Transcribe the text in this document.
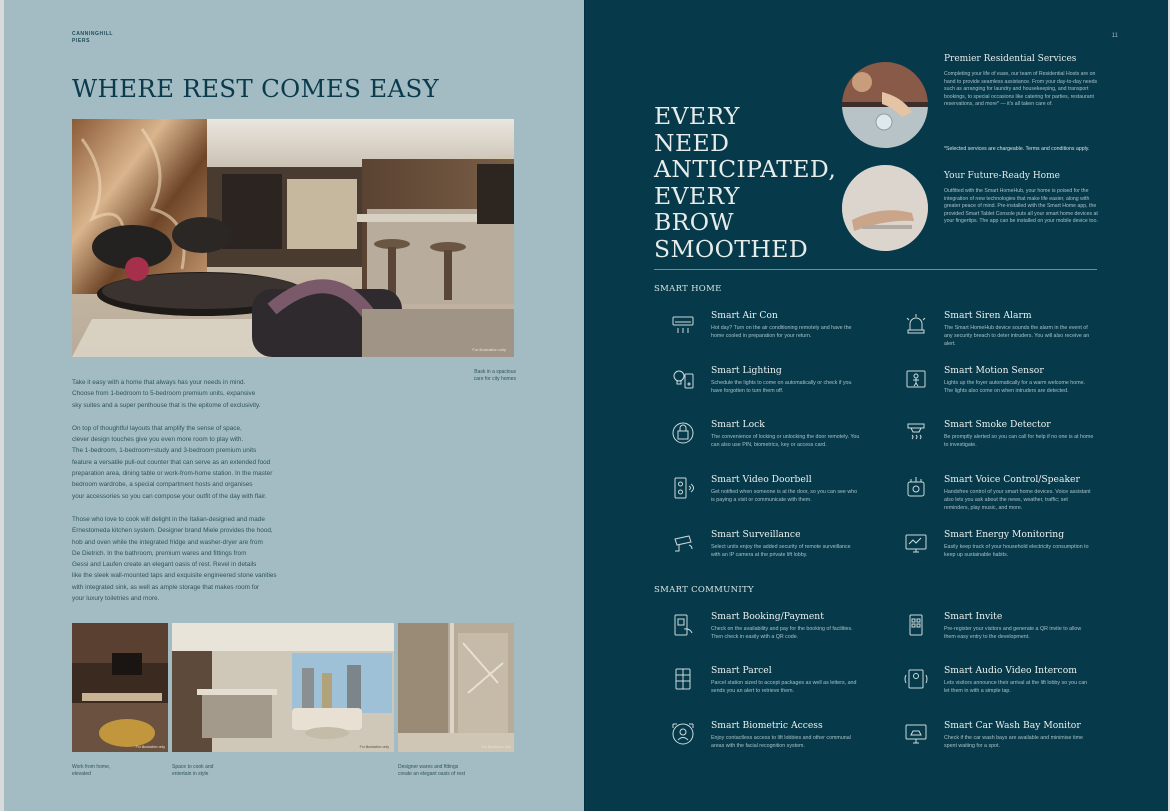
CANNINGHILL
PIERS
WHERE REST COMES EASY
For illustration only
Bask in a spacious
care for city homes
Take it easy with a home that always has your needs in mind.
Choose from 1-bedroom to 5-bedroom premium units, expansive
sky suites and a super penthouse that is the epitome of exclusivity.
On top of thoughtful layouts that amplify the sense of space,
clever design touches give you even more room to play with.
The 1-bedroom, 1-bedroom+study and 3-bedroom premium units
feature a versatile pull-out counter that can serve as an extended food
preparation area, dining table or work-from-home station. In the master
bedroom wardrobe, a special compartment hosts and organises
your accessories so you can compose your outfit of the day with flair.
Those who love to cook will delight in the Italian-designed and made
Ernestomeda kitchen system. Designer brand Miele provides the hood,
hob and oven while the integrated fridge and washer-dryer are from
De Dietrich. In the bathroom, premium wares and fittings from
Gessi and Laufen create an elegant oasis of rest. Revel in details
like the sleek wall-mounted taps and exquisite engineered stone vanities
with integrated sink, as well as ample storage that makes room for
your luxury toiletries and more.
For illustration only	For illustration only	For illustration only
Work from home,
elevated
Space to cook and
entertain in style
Designer wares and fittings
create an elegant oasis of rest
11
EVERY
NEED
ANTICIPATED,
EVERY
BROW
SMOOTHED
Premier Residential Services
Completing your life of ease, our team of Residential Hosts are on hand to provide seamless assistance. From your day-to-day needs such as arranging for laundry and housekeeping, and transport bookings, to special occasions like catering for parties, restaurant reservations, and more* — it's all taken care of.
*Selected services are chargeable. Terms and conditions apply.
Your Future-Ready Home
Outfitted with the Smart HomeHub, your home is poised for the integration of new technologies that make life easier, along with greater peace of mind. Pre-installed with the Smart Home app, the provided Smart Tablet Console puts all your smart home devices at your fingertips. The app can be installed on your mobile device too.
SMART HOME
Smart Air Con
Hot day? Turn on the air conditioning remotely and have the home cooled in preparation for your return.
Smart Siren Alarm
The Smart HomeHub device sounds the alarm in the event of any security breach to deter intruders. You will also receive an alert.
Smart Lighting
Schedule the lights to come on automatically or check if you have forgotten to turn them off.
Smart Motion Sensor
Lights up the foyer automatically for a warm welcome home. The lights also come on when intruders are detected.
Smart Lock
The convenience of locking or unlocking the door remotely. You can also use PIN, biometrics, key or access card.
Smart Smoke Detector
Be promptly alerted so you can call for help if no one is at home to investigate.
Smart Video Doorbell
Get notified when someone is at the door, so you can see who is paying a visit or communicate with them.
Smart Voice Control/Speaker
Handsfree control of your smart home devices. Voice assistant also lets you ask about the news, weather, traffic; set reminders, play music, and more.
Smart Surveillance
Select units enjoy the added security of remote surveillance with an IP camera at the private lift lobby.
Smart Energy Monitoring
Easily keep track of your household electricity consumption to keep up sustainable habits.
SMART COMMUNITY
Smart Booking/Payment
Check on the availability and pay for the booking of facilities. Then check in easily with a QR code.
Smart Invite
Pre-register your visitors and generate a QR invite to allow them easy entry to the development.
Smart Parcel
Parcel station sized to accept packages as well as letters, and sends you an alert to retrieve them.
Smart Audio Video Intercom
Lets visitors announce their arrival at the lift lobby so you can let them in with a simple tap.
Smart Biometric Access
Enjoy contactless access to lift lobbies and other communal areas with the facial recognition system.
Smart Car Wash Bay Monitor
Check if the car wash bays are available and minimise time spent waiting for a spot.
